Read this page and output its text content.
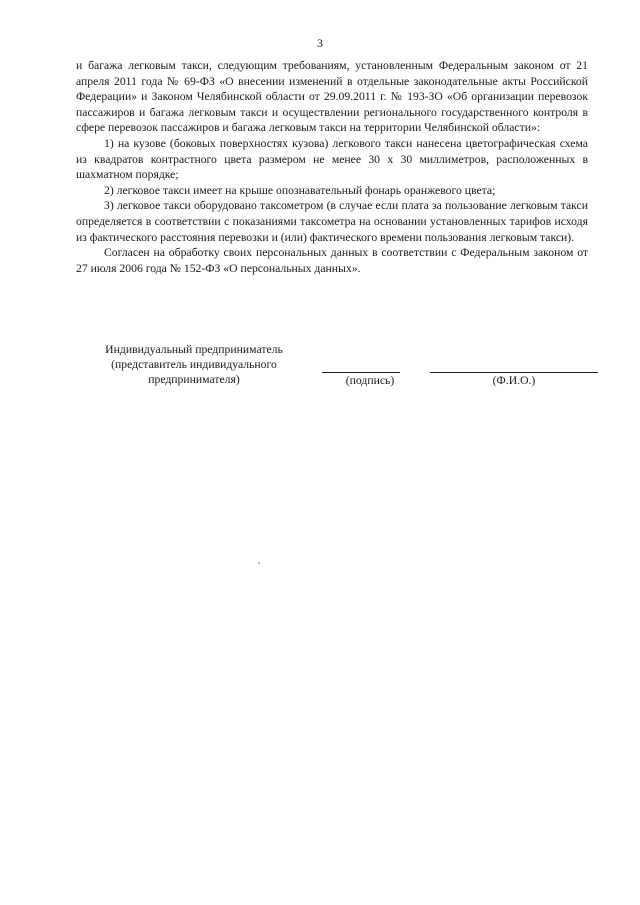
3

и багажа легковым такси, следующим требованиям, установленным Федеральным законом от 21 апреля 2011 года № 69-ФЗ «О внесении изменений в отдельные законодательные акты Российской Федерации» и Законом Челябинской области от 29.09.2011 г. № 193-ЗО «Об организации перевозок пассажиров и багажа легковым такси и осуществлении регионального государственного контроля в сфере перевозок пассажиров и багажа легковым такси на территории Челябинской области»:

1) на кузове (боковых поверхностях кузова) легкового такси нанесена цветографическая схема из квадратов контрастного цвета размером не менее 30 х 30 миллиметров, расположенных в шахматном порядке;

2) легковое такси имеет на крыше опознавательный фонарь оранжевого цвета;

3) легковое такси оборудовано таксометром (в случае если плата за пользование легковым такси определяется в соответствии с показаниями таксометра на основании установленных тарифов исходя из фактического расстояния перевозки и (или) фактического времени пользования легковым такси).

Согласен на обработку своих персональных данных в соответствии с Федеральным законом от 27 июля 2006 года № 152-ФЗ «О персональных данных».

Индивидуальный предприниматель
(представитель индивидуального
предпринимателя)	(подпись)	(Ф.И.О.)
